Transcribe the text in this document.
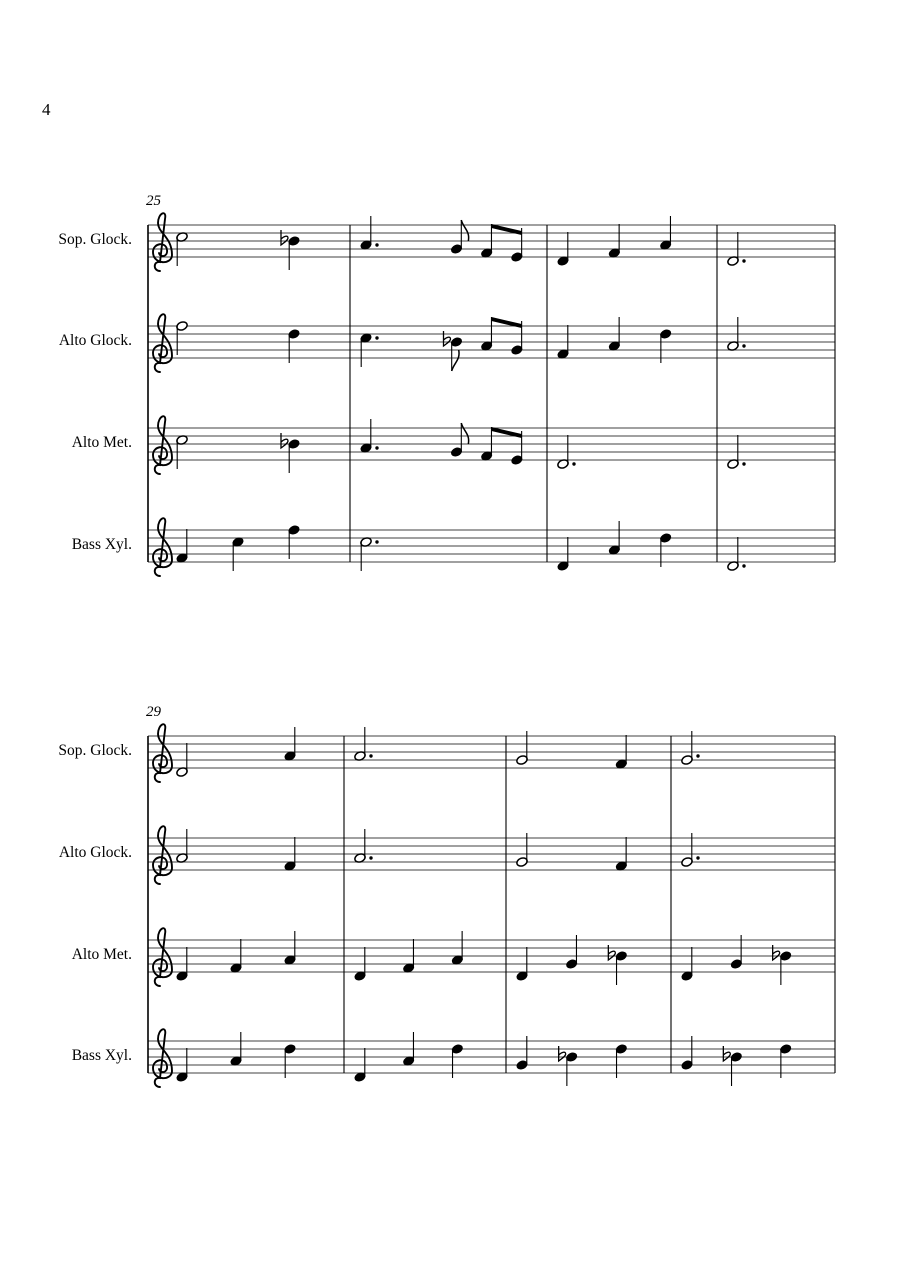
4
Sop. Glock.
Alto Glock.
Alto Met.
Bass Xyl.
Sop. Glock.
Alto Glock.
Alto Met.
Bass Xyl.
25
29
